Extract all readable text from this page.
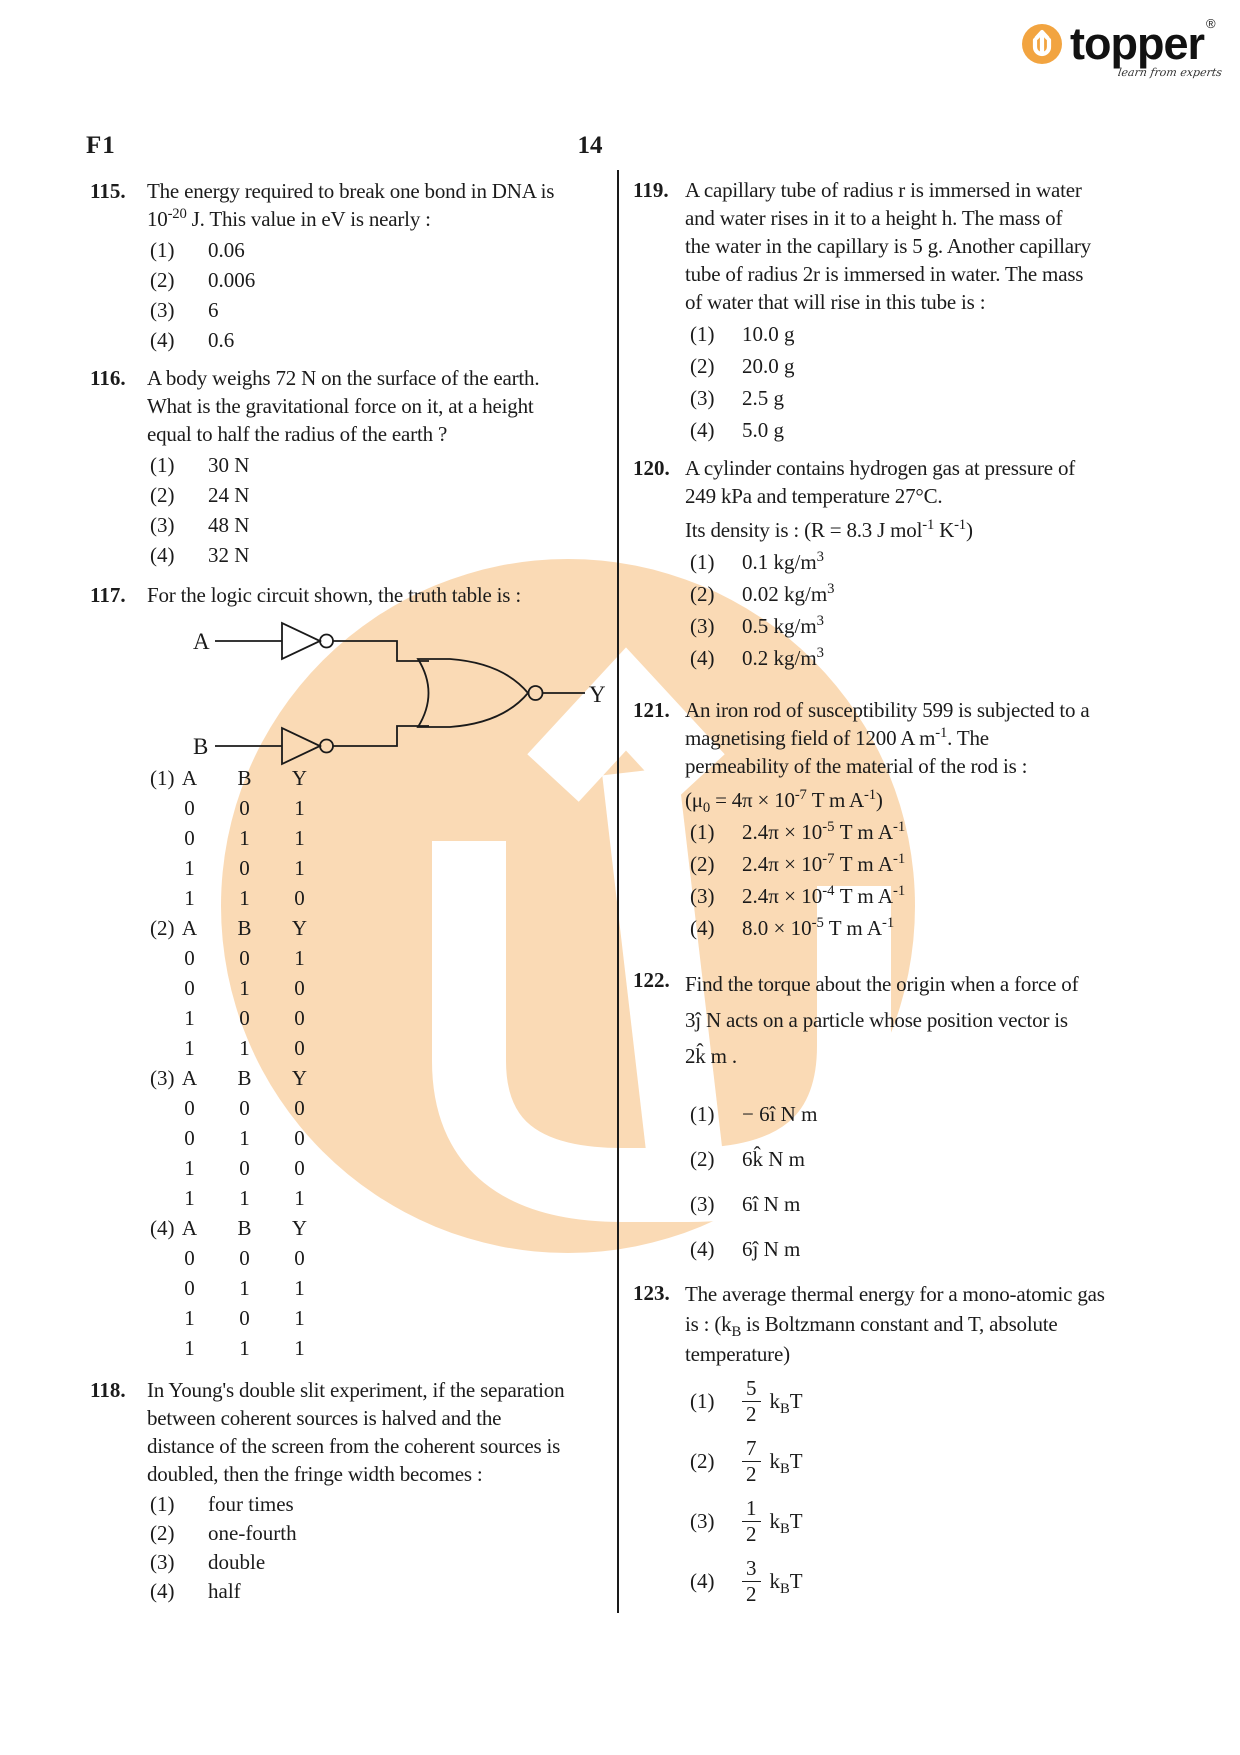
F1	14
topper ®
learn from experts
115. The energy required to break one bond in DNA is
$10^{-20}$ J. This value in eV is nearly :
(1)	0.06
(2)	0.006
(3)	6
(4)	0.6
116. A body weighs 72 N on the surface of the earth.
What is the gravitational force on it, at a height
equal to half the radius of the earth ?
(1)	30 N
(2)	24 N
(3)	48 N
(4)	32 N
117. For the logic circuit shown, the truth table is :
A
B
Y
(1) A	B	Y
0	0	1
0	1	1
1	0	1
1	1	0
(2) A	B	Y
0	0	1
0	1	0
1	0	0
1	1	0
(3) A	B	Y
0	0	0
0	1	0
1	0	0
1	1	1
(4) A	B	Y
0	0	0
0	1	1
1	0	1
1	1	1
118. In Young's double slit experiment, if the separation
between coherent sources is halved and the
distance of the screen from the coherent sources is
doubled, then the fringe width becomes :
(1)	four times
(2)	one-fourth
(3)	double
(4)	half
119. A capillary tube of radius r is immersed in water
and water rises in it to a height h. The mass of
the water in the capillary is 5 g. Another capillary
tube of radius 2r is immersed in water. The mass
of water that will rise in this tube is :
(1)	10.0 g
(2)	20.0 g
(3)	2.5 g
(4)	5.0 g
120. A cylinder contains hydrogen gas at pressure of
249 kPa and temperature 27°C.
Its density is : (R = 8.3 J mol$^{-1}$ $K^{-1}$)
(1)	0.1 $kg/m^3$
(2)	0.02 $kg/m^3$
(3)	0.5 $kg/m^3$
(4)	0.2 $kg/m^3$
121. An iron rod of susceptibility 599 is subjected to a
magnetising field of 1200 A $m^{-1}$. The
permeability of the material of the rod is :
($\mu_0 = 4\pi \times 10^{-7}$ T m $A^{-1}$)
(1)	$2.4\pi \times 10^{-5}$ T m $A^{-1}$
(2)	$2.4\pi \times 10^{-7}$ T m $A^{-1}$
(3)	$2.4\pi \times 10^{-4}$ T m $A^{-1}$
(4)	$8.0 \times 10^{-5}$ T m $A^{-1}$
122. Find the torque about the origin when a force of
3ĵ N acts on a particle whose position vector is
2k̂ m .
(1)	− 6î N m
(2)	6k̂ N m
(3)	6î N m
(4)	6ĵ N m
123. The average thermal energy for a mono-atomic gas
is : ($k_B$ is Boltzmann constant and T, absolute
temperature)
(1)	$\frac{5}{2} k_BT$
(2)	$\frac{7}{2} k_BT$
(3)	$\frac{1}{2} k_BT$
(4)	$\frac{3}{2} k_BT$
